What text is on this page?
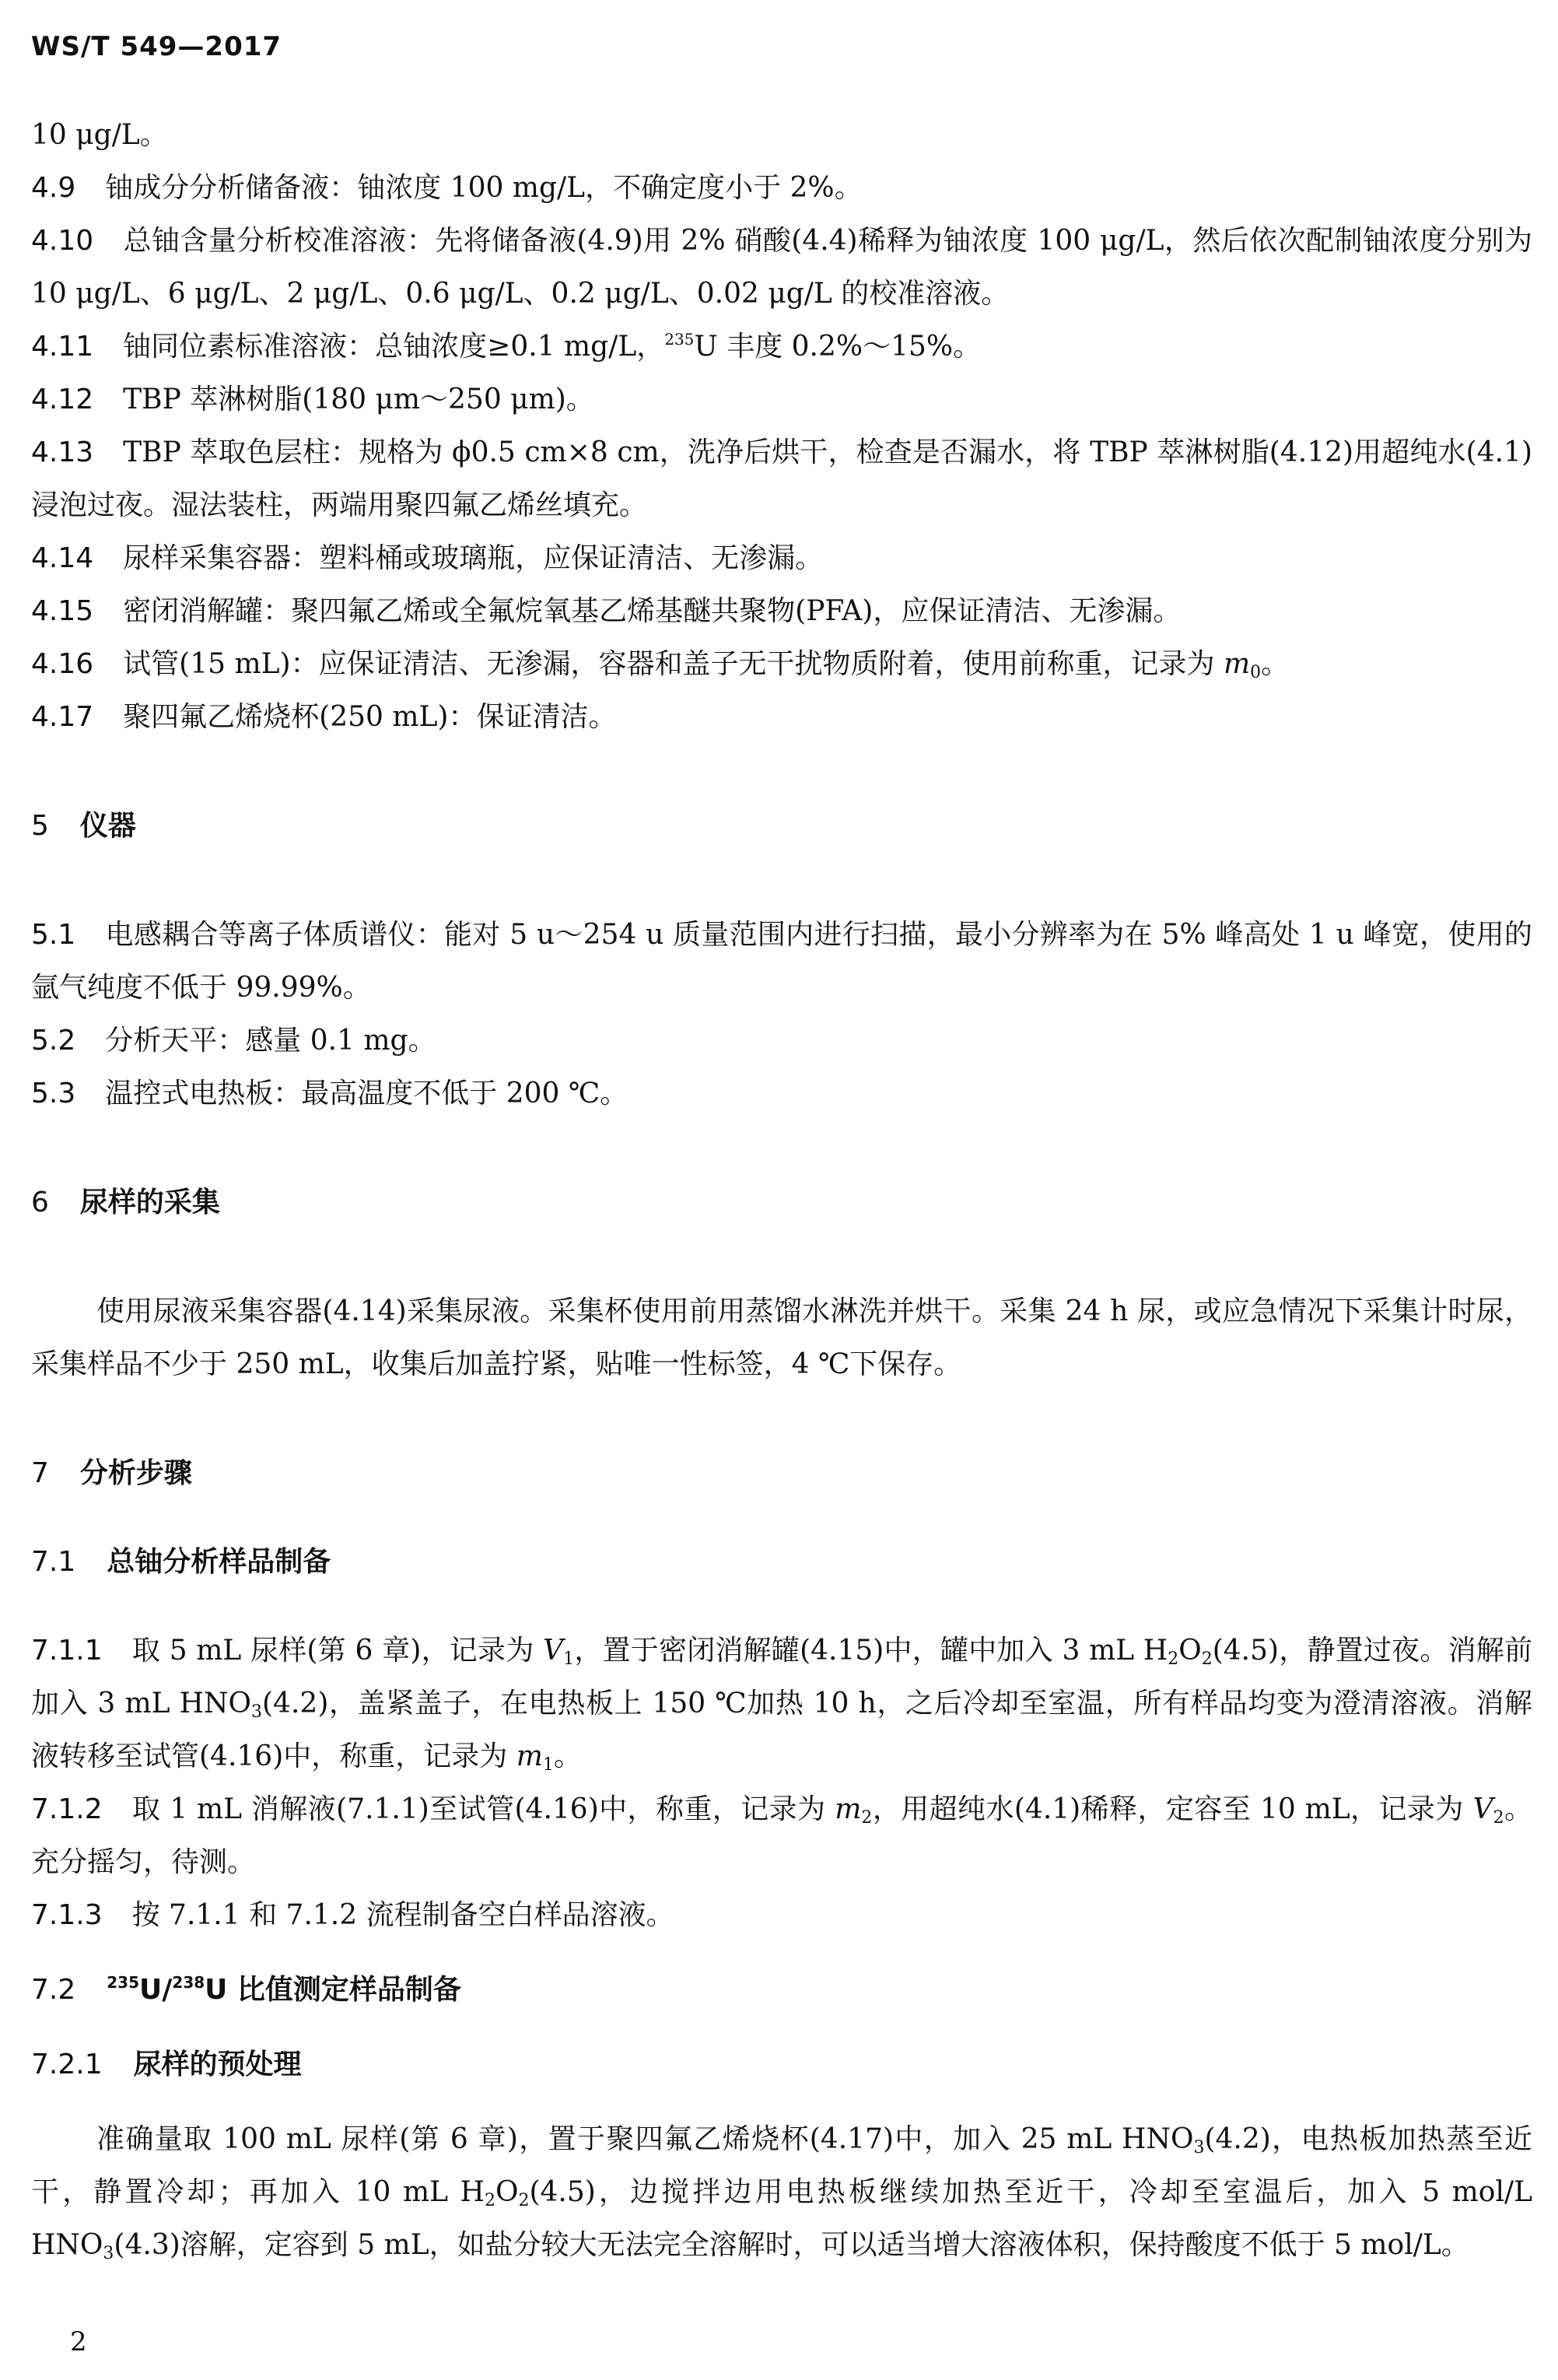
WS/T 549—2017

10 μg/L。

4.9 铀成分分析储备液：铀浓度 100 mg/L，不确定度小于 2%。

4.10 总铀含量分析校准溶液：先将储备液(4.9)用 2% 硝酸(4.4)稀释为铀浓度 100 μg/L，然后依次配制铀浓度分别为 10 μg/L、6 μg/L、2 μg/L、0.6 μg/L、0.2 μg/L、0.02 μg/L 的校准溶液。

4.11 铀同位素标准溶液：总铀浓度≥0.1 mg/L，$^{235}$U 丰度 0.2%～15%。

4.12 TBP 萃淋树脂(180 μm～250 μm)。

4.13 TBP 萃取色层柱：规格为 ϕ0.5 cm×8 cm，洗净后烘干，检查是否漏水，将 TBP 萃淋树脂(4.12)用超纯水(4.1)浸泡过夜。湿法装柱，两端用聚四氟乙烯丝填充。

4.14 尿样采集容器：塑料桶或玻璃瓶，应保证清洁、无渗漏。

4.15 密闭消解罐：聚四氟乙烯或全氟烷氧基乙烯基醚共聚物(PFA)，应保证清洁、无渗漏。

4.16 试管(15 mL)：应保证清洁、无渗漏，容器和盖子无干扰物质附着，使用前称重，记录为 $m_0$。

4.17 聚四氟乙烯烧杯(250 mL)：保证清洁。

5 仪器

5.1 电感耦合等离子体质谱仪：能对 5 u～254 u 质量范围内进行扫描，最小分辨率为在 5% 峰高处 1 u 峰宽，使用的氩气纯度不低于 99.99%。

5.2 分析天平：感量 0.1 mg。

5.3 温控式电热板：最高温度不低于 200 ℃。

6 尿样的采集

使用尿液采集容器(4.14)采集尿液。采集杯使用前用蒸馏水淋洗并烘干。采集 24 h 尿，或应急情况下采集计时尿，采集样品不少于 250 mL，收集后加盖拧紧，贴唯一性标签，4 ℃下保存。

7 分析步骤

7.1 总铀分析样品制备

7.1.1 取 5 mL 尿样(第 6 章)，记录为 $V_1$，置于密闭消解罐(4.15)中，罐中加入 3 mL $H_2O_2(4.5)$，静置过夜。消解前加入 3 mL $HNO_3(4.2)$，盖紧盖子，在电热板上 150 ℃加热 10 h，之后冷却至室温，所有样品均变为澄清溶液。消解液转移至试管(4.16)中，称重，记录为 $m_1$。

7.1.2 取 1 mL 消解液(7.1.1)至试管(4.16)中，称重，记录为 $m_2$，用超纯水(4.1)稀释，定容至 10 mL，记录为 $V_2$。充分摇匀，待测。

7.1.3 按 7.1.1 和 7.1.2 流程制备空白样品溶液。

7.2 $^{235}$U/$^{238}$U 比值测定样品制备

7.2.1 尿样的预处理

准确量取 100 mL 尿样(第 6 章)，置于聚四氟乙烯烧杯(4.17)中，加入 25 mL $HNO_3(4.2)$，电热板加热蒸至近干，静置冷却；再加入 10 mL $H_2O_2(4.5)$，边搅拌边用电热板继续加热至近干，冷却至室温后，加入 5 mol/L $HNO_3(4.3)$溶解，定容到 5 mL，如盐分较大无法完全溶解时，可以适当增大溶液体积，保持酸度不低于 5 mol/L。

2
